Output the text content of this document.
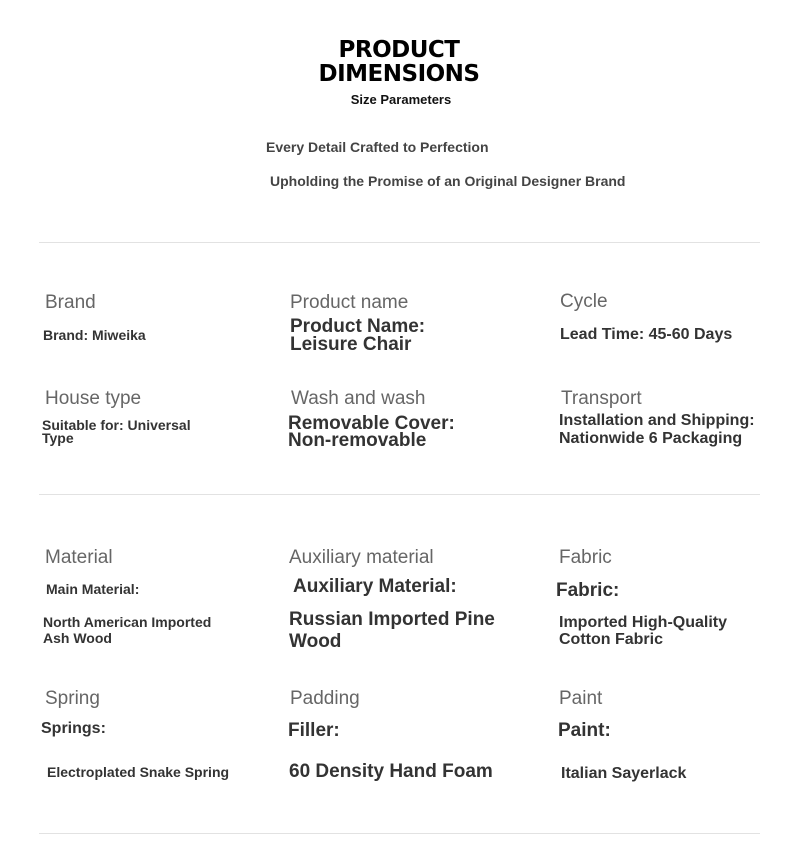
PRODUCT
DIMENSIONS
Size Parameters
Every Detail Crafted to Perfection
Upholding the Promise of an Original Designer Brand
Brand
Brand: Miweika
Product name
Product Name:
Leisure Chair
Cycle
Lead Time: 45-60 Days
House type
Suitable for: Universal
Type
Wash and wash
Removable Cover:
Non-removable
Transport
Installation and Shipping:
Nationwide 6 Packaging
Material
Main Material:
North American Imported
Ash Wood
Auxiliary material
Auxiliary Material:
Russian Imported Pine
Wood
Fabric
Fabric:
Imported High-Quality
Cotton Fabric
Spring
Springs:
Electroplated Snake Spring
Padding
Filler:
60 Density Hand Foam
Paint
Paint:
Italian Sayerlack
